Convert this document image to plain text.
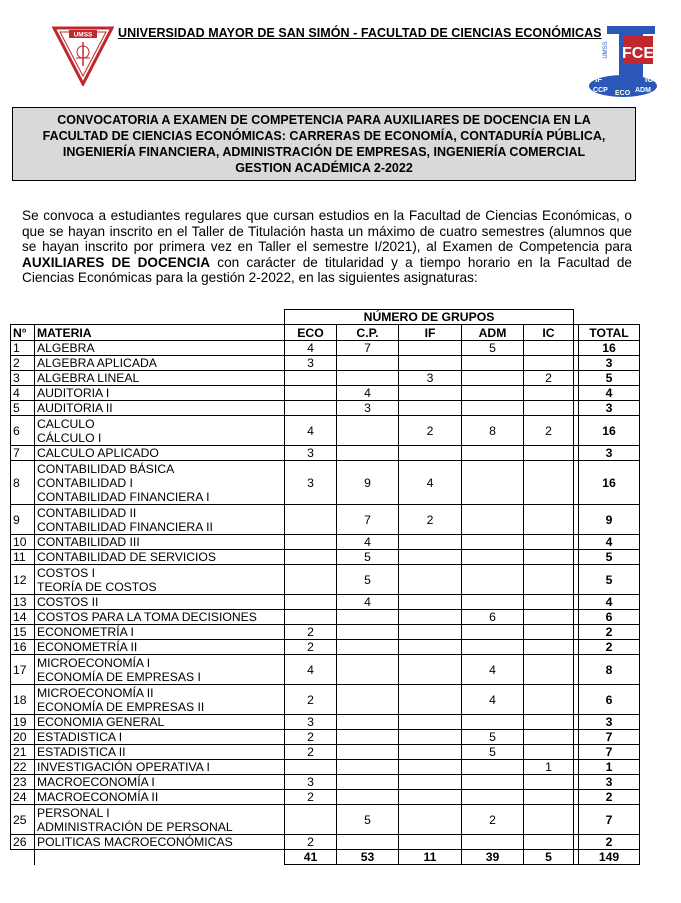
UMSS UNIVERSIDAD MAYOR DE SAN SIMÓN - FACULTAD DE CIENCIAS ECONÓMICAS
FCE
UMSS
IF	IC
CCP ECO ADM
CONVOCATORIA A EXAMEN DE COMPETENCIA PARA AUXILIARES DE DOCENCIA EN LA
FACULTAD DE CIENCIAS ECONÓMICAS: CARRERAS DE ECONOMÍA, CONTADURÍA PÚBLICA,
INGENIERÍA FINANCIERA, ADMINISTRACIÓN DE EMPRESAS, INGENIERÍA COMERCIAL
GESTION ACADÉMICA 2-2022
Se convoca a estudiantes regulares que cursan estudios en la Facultad de Ciencias Económicas, o que se hayan inscrito en el Taller de Titulación hasta un máximo de cuatro semestres (alumnos que se hayan inscrito por primera vez en Taller el semestre I/2021), al Examen de Competencia para AUXILIARES DE DOCENCIA con carácter de titularidad y a tiempo horario en la Facultad de Ciencias Económicas para la gestión 2-2022, en las siguientes asignaturas:
		NÚMERO DE GRUPOS						
N°	MATERIA	ECO	C.P.	IF	ADM	IC		TOTAL
1	ALGEBRA	4	7		5			16
2	ALGEBRA APLICADA	3						3
3	ALGEBRA LINEAL			3		2		5
4	AUDITORIA I		4					4
5	AUDITORIA II		3					3
6	CALCULO
CÁLCULO I	4		2	8	2		16
7	CALCULO APLICADO	3						3
8	CONTABILIDAD BÁSICA
CONTABILIDAD I
CONTABILIDAD FINANCIERA I	3	9	4				16
9	CONTABILIDAD II
CONTABILIDAD FINANCIERA II		7	2				9
10	CONTABILIDAD III		4					4
11	CONTABILIDAD DE SERVICIOS		5					5
12	COSTOS I
TEORÍA DE COSTOS		5					5
13	COSTOS II		4					4
14	COSTOS PARA LA TOMA DECISIONES				6			6
15	ECONOMETRÍA I	2						2
16	ECONOMETRÍA II	2						2
17	MICROECONOMÍA I
ECONOMÍA DE EMPRESAS I	4			4			8
18	MICROECONOMÍA II
ECONOMÍA DE EMPRESAS II	2			4			6
19	ECONOMIA GENERAL	3						3
20	ESTADISTICA I	2			5			7
21	ESTADISTICA II	2			5			7
22	INVESTIGACIÓN OPERATIVA I					1		1
23	MACROECONOMÍA I	3						3
24	MACROECONOMÍA II	2						2
25	PERSONAL I
ADMINISTRACIÓN DE PERSONAL		5		2			7
26	POLITICAS MACROECONÓMICAS	2						2
		41	53	11	39	5		149
